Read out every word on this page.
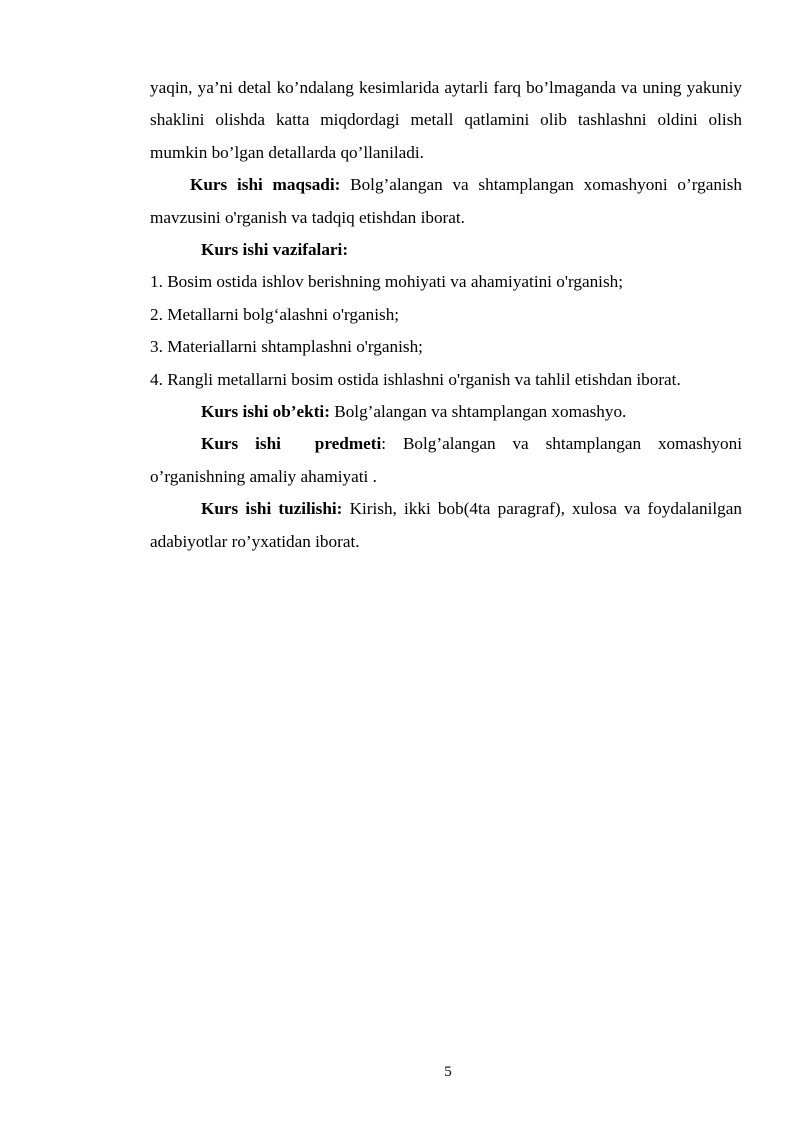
yaqin, ya’ni detal ko’ndalang kesimlarida aytarli farq bo’lmaganda va uning yakuniy shaklini olishda katta miqdordagi metall qatlamini olib tashlashni oldini olish mumkin bo’lgan detallarda qo’llaniladi.

Kurs ishi maqsadi: Bolg’alangan va shtamplangan xomashyoni o’rganish mavzusini o'rganish va tadqiq etishdan iborat.

Kurs ishi vazifalari:

1. Bosim ostida ishlov berishning mohiyati va ahamiyatini o'rganish;

2. Metallarni bolg‘alashni o'rganish;

3. Materiallarni shtamplashni o'rganish;

4. Rangli metallarni bosim ostida ishlashni o'rganish va tahlil etishdan iborat.

Kurs ishi ob’ekti: Bolg’alangan va shtamplangan xomashyo.

Kurs ishi  predmeti: Bolg’alangan va shtamplangan xomashyoni o’rganishning amaliy ahamiyati .

Kurs ishi tuzilishi: Kirish, ikki bob(4ta paragraf), xulosa va foydalanilgan adabiyotlar ro’yxatidan iborat.

5
